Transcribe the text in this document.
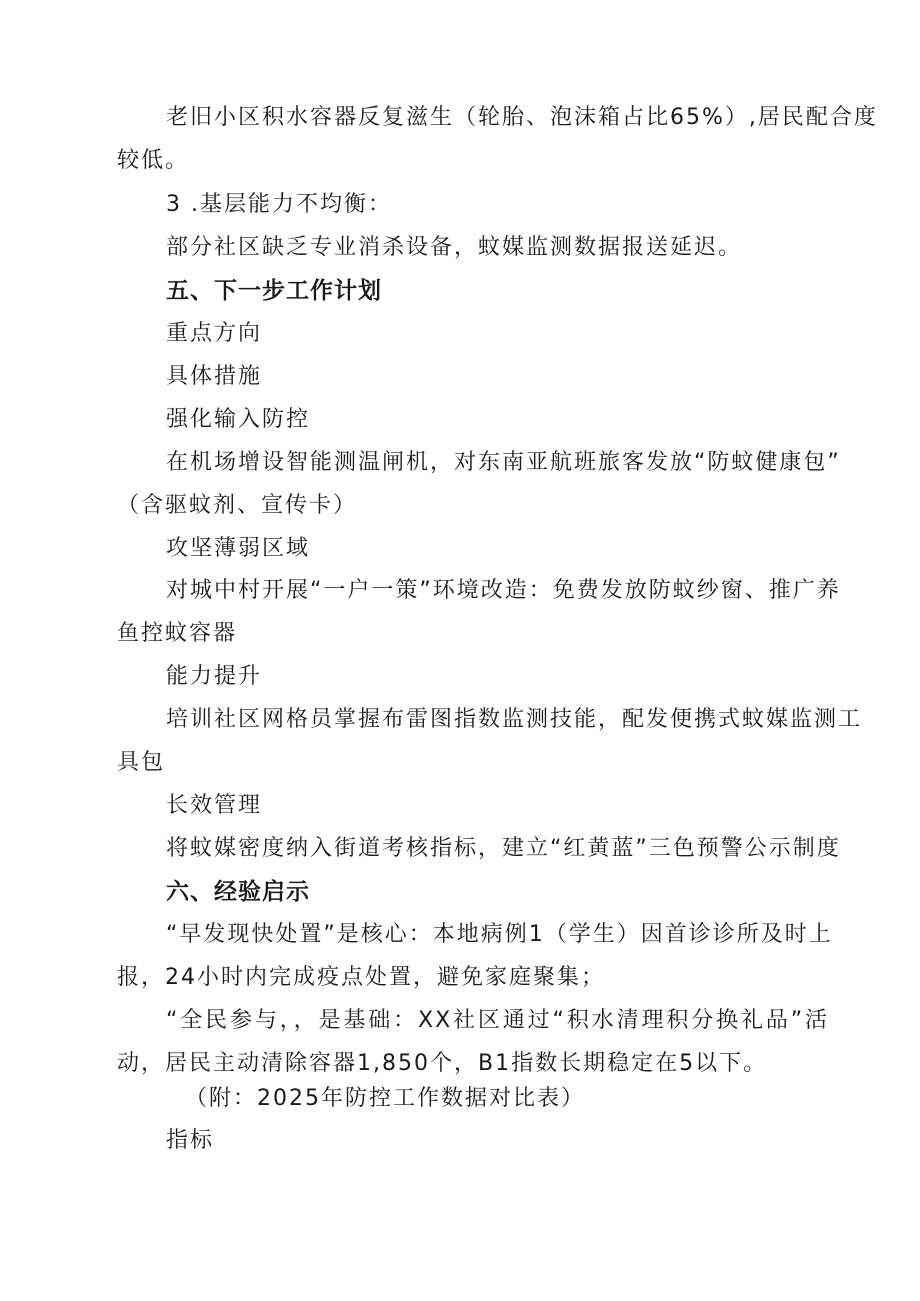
老旧小区积水容器反复滋生（轮胎、泡沫箱占比65%）,居民配合度
较低。
3 .基层能力不均衡：
部分社区缺乏专业消杀设备，蚊媒监测数据报送延迟。
五、下一步工作计划
重点方向
具体措施
强化输入防控
在机场增设智能测温闸机，对东南亚航班旅客发放“防蚊健康包”
（含驱蚊剂、宣传卡）
攻坚薄弱区域
对城中村开展“一户一策”环境改造：免费发放防蚊纱窗、推广养
鱼控蚊容器
能力提升
培训社区网格员掌握布雷图指数监测技能，配发便携式蚊媒监测工
具包
长效管理
将蚊媒密度纳入街道考核指标，建立“红黄蓝”三色预警公示制度
六、经验启示
“早发现快处置”是核心：本地病例1（学生）因首诊诊所及时上
报，24小时内完成疫点处置，避免家庭聚集；
“全民参与，，是基础：XX社区通过“积水清理积分换礼品”活
动，居民主动清除容器1,850个，B1指数长期稳定在5以下。
（附：2025年防控工作数据对比表）
指标
